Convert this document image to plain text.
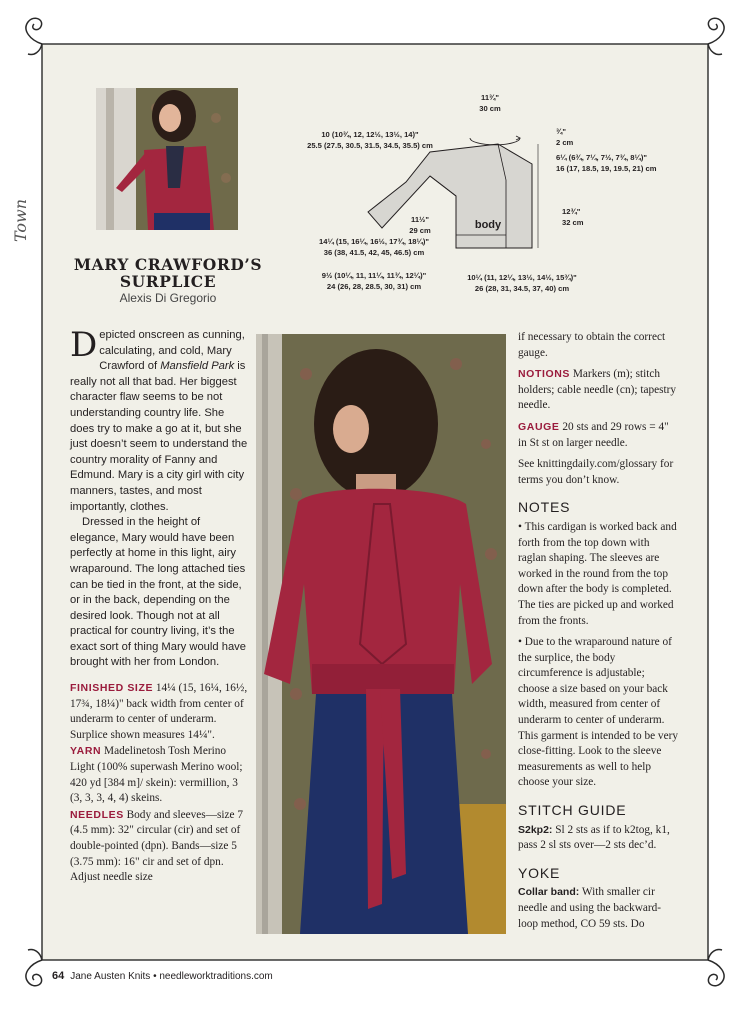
Town
MARY CRAWFORD’S SURPLICE
Alexis Di Gregorio
11¾"
30 cm
10 (10¾, 12, 12½, 13½, 14)"
25.5 (27.5, 30.5, 31.5, 34.5, 35.5) cm
11½"
29 cm
14¼ (15, 16¼, 16½, 17¾, 18¼)"
36 (38, 41.5, 42, 45, 46.5) cm
9½ (10¼, 11, 11¼, 11¾, 12¼)"
24 (26, 28, 28.5, 30, 31) cm
body
10¼ (11, 12¼, 13½, 14½, 15¾)"
26 (28, 31, 34.5, 37, 40) cm
¾"
2 cm
6¼ (6¾, 7¼, 7½, 7¾, 8¼)"
16 (17, 18.5, 19, 19.5, 21) cm
12¾"
32 cm

Depicted onscreen as cunning, calculating, and cold, Mary Crawford of Mansfield Park is really not all that bad. Her biggest character flaw seems to be not understanding country life. She does try to make a go at it, but she just doesn’t seem to understand the country morality of Fanny and Edmund. Mary is a city girl with city manners, tastes, and most importantly, clothes.

Dressed in the height of elegance, Mary would have been perfectly at home in this light, airy wraparound. The long attached ties can be tied in the front, at the side, or in the back, depending on the desired look. Though not at all practical for country living, it’s the exact sort of thing Mary would have brought with her from London.

FINISHED SIZE 14¼ (15, 16¼, 16½, 17¾, 18¼)" back width from center of underarm to center of underarm. Surplice shown measures 14¼".
YARN Madelinetosh Tosh Merino Light (100% superwash Merino wool; 420 yd [384 m]/ skein): vermillion, 3 (3, 3, 3, 4, 4) skeins.
NEEDLES Body and sleeves—size 7 (4.5 mm): 32" circular (cir) and set of double-pointed (dpn). Bands—size 5 (3.75 mm): 16" cir and set of dpn. Adjust needle size
if necessary to obtain the correct gauge.
NOTIONS Markers (m); stitch holders; cable needle (cn); tapestry needle.
GAUGE 20 sts and 29 rows = 4" in St st on larger needle.
See knittingdaily.com/glossary for terms you don’t know.
NOTES
• This cardigan is worked back and forth from the top down with raglan shaping. The sleeves are worked in the round from the top down after the body is completed. The ties are picked up and worked from the fronts.
• Due to the wraparound nature of the surplice, the body circumference is adjustable; choose a size based on your back width, measured from center of underarm to center of underarm. This garment is intended to be very close-fitting. Look to the sleeve measurements as well to help choose your size.
STITCH GUIDE
S2kp2: Sl 2 sts as if to k2tog, k1, pass 2 sl sts over—2 sts dec’d.
YOKE
Collar band: With smaller cir needle and using the backward-loop method, CO 59 sts. Do
64 Jane Austen Knits • needleworktraditions.com
